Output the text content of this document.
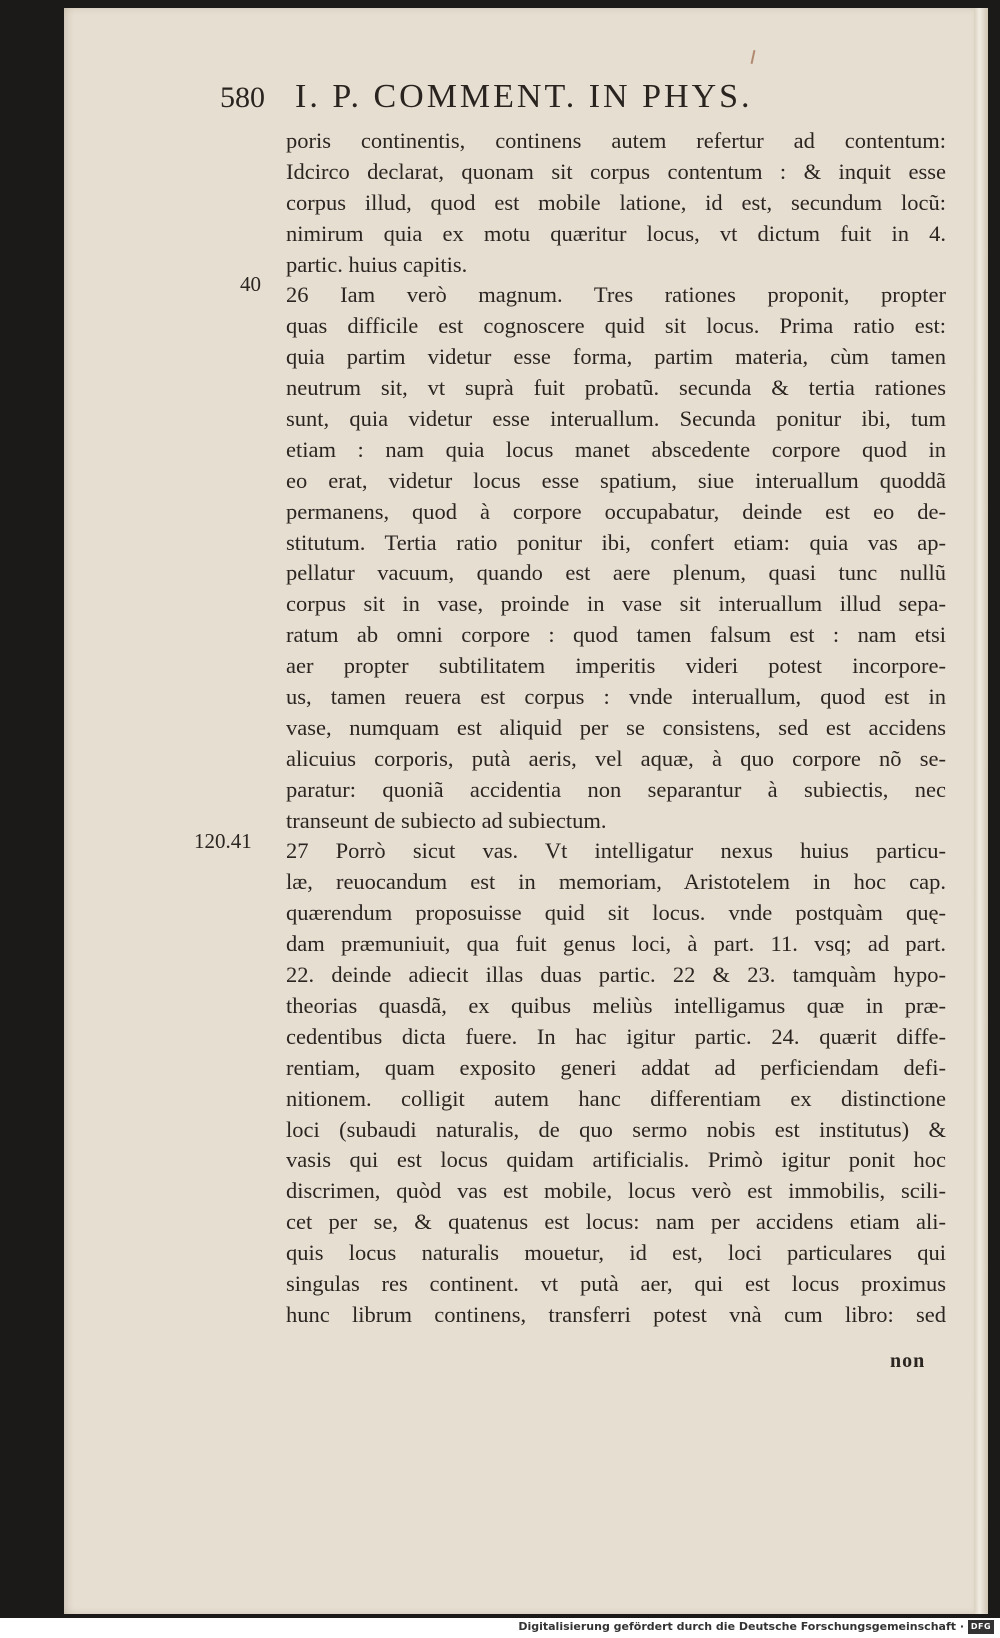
580 I. P. COMMENT. IN PHYS.
40
120.41
poris continentis, continens autem refertur ad contentum:
Idcirco declarat, quonam sit corpus contentum : & inquit esse
corpus illud, quod est mobile latione, id est, secundum locũ:
nimirum quia ex motu quæritur locus, vt dictum fuit in 4.
partic. huius capitis.
26 Iam verò magnum. Tres rationes proponit, propter
quas difficile est cognoscere quid sit locus. Prima ratio est:
quia partim videtur esse forma, partim materia, cùm tamen
neutrum sit, vt suprà fuit probatũ. secunda & tertia rationes
sunt, quia videtur esse interuallum. Secunda ponitur ibi, tum
etiam : nam quia locus manet abscedente corpore quod in
eo erat, videtur locus esse spatium, siue interuallum quoddã
permanens, quod à corpore occupabatur, deinde est eo de-
stitutum. Tertia ratio ponitur ibi, confert etiam: quia vas ap-
pellatur vacuum, quando est aere plenum, quasi tunc nullũ
corpus sit in vase, proinde in vase sit interuallum illud sepa-
ratum ab omni corpore : quod tamen falsum est : nam etsi
aer propter subtilitatem imperitis videri potest incorpore-
us, tamen reuera est corpus : vnde interuallum, quod est in
vase, numquam est aliquid per se consistens, sed est accidens
alicuius corporis, putà aeris, vel aquæ, à quo corpore nõ se-
paratur: quoniã accidentia non separantur à subiectis, nec
transeunt de subiecto ad subiectum.
27 Porrò sicut vas. Vt intelligatur nexus huius particu-
læ, reuocandum est in memoriam, Aristotelem in hoc cap.
quærendum proposuisse quid sit locus. vnde postquàm quę-
dam præmuniuit, qua fuit genus loci, à part. 11. vsq; ad part.
22. deinde adiecit illas duas partic. 22 & 23. tamquàm hypo-
theorias quasdã, ex quibus meliùs intelligamus quæ in præ-
cedentibus dicta fuere. In hac igitur partic. 24. quærit diffe-
rentiam, quam exposito generi addat ad perficiendam defi-
nitionem. colligit autem hanc differentiam ex distinctione
loci (subaudi naturalis, de quo sermo nobis est institutus) &
vasis qui est locus quidam artificialis. Primò igitur ponit hoc
discrimen, quòd vas est mobile, locus verò est immobilis, scili-
cet per se, & quatenus est locus: nam per accidens etiam ali-
quis locus naturalis mouetur, id est, loci particulares qui
singulas res continent. vt putà aer, qui est locus proximus
hunc librum continens, transferri potest vnà cum libro: sed
non
Digitalisierung gefördert durch die Deutsche Forschungsgemeinschaft · DFG
